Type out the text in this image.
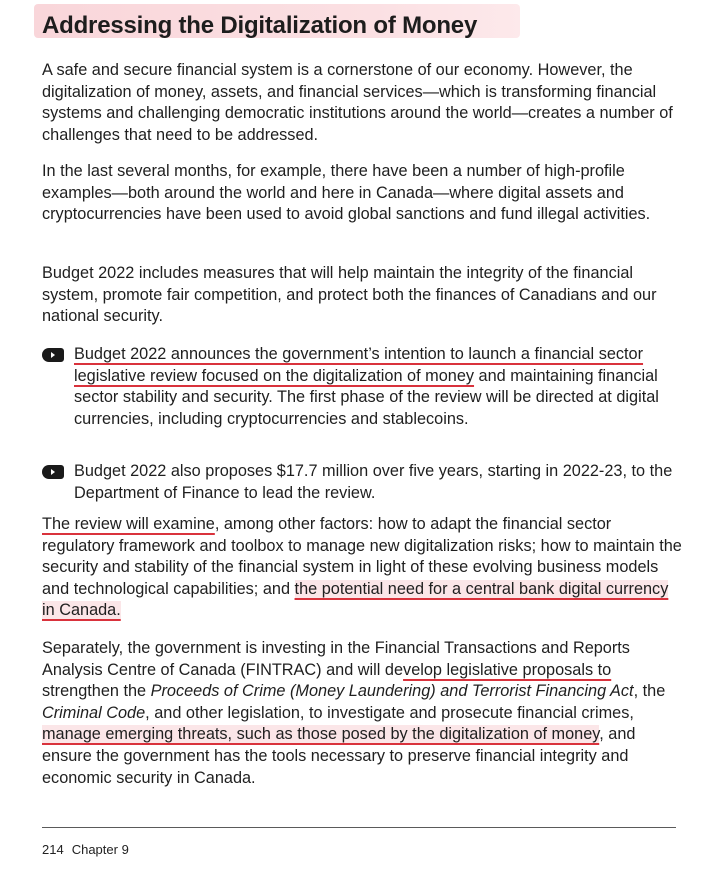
Addressing the Digitalization of Money

A safe and secure financial system is a cornerstone of our economy. However, the digitalization of money, assets, and financial services—which is transforming financial systems and challenging democratic institutions around the world—creates a number of challenges that need to be addressed.

In the last several months, for example, there have been a number of high-profile examples—both around the world and here in Canada—where digital assets and cryptocurrencies have been used to avoid global sanctions and fund illegal activities.

Budget 2022 includes measures that will help maintain the integrity of the financial system, promote fair competition, and protect both the finances of Canadians and our national security.

Budget 2022 announces the government’s intention to launch a financial sector legislative review focused on the digitalization of money and maintaining financial sector stability and security. The first phase of the review will be directed at digital currencies, including cryptocurrencies and stablecoins.

Budget 2022 also proposes $17.7 million over five years, starting in 2022-23, to the Department of Finance to lead the review.

The review will examine, among other factors: how to adapt the financial sector regulatory framework and toolbox to manage new digitalization risks; how to maintain the security and stability of the financial system in light of these evolving business models and technological capabilities; and the potential need for a central bank digital currency in Canada.

Separately, the government is investing in the Financial Transactions and Reports Analysis Centre of Canada (FINTRAC) and will develop legislative proposals to strengthen the Proceeds of Crime (Money Laundering) and Terrorist Financing Act, the Criminal Code, and other legislation, to investigate and prosecute financial crimes, manage emerging threats, such as those posed by the digitalization of money, and ensure the government has the tools necessary to preserve financial integrity and economic security in Canada.

214 Chapter 9
